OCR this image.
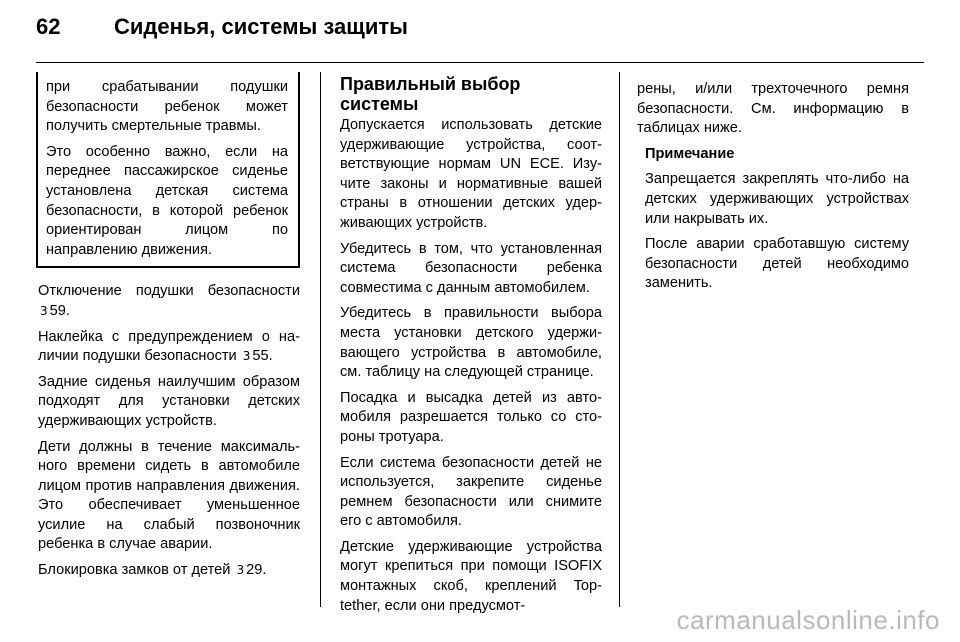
62	Сиденья, системы защиты

при срабатывании подушки безопасности ребенок может получить смертельные травмы.

Это особенно важно, если на переднее пассажирское сиденье установлена детская система безопасности, в которой ребенок ориентирован лицом по направлению движения.

Отключение подушки безопасности 3 59.

Наклейка с предупреждением о наличии подушки безопасности 3 55.

Задние сиденья наилучшим образом подходят для установки детских удерживающих устройств.

Дети должны в течение максимального времени сидеть в автомобиле лицом против направления движения. Это обеспечивает уменьшенное усилие на слабый позвоночник ребенка в случае аварии.

Блокировка замков от детей 3 29.

Правильный выбор системы

Допускается использовать детские удерживающие устройства, соответствующие нормам UN ECE. Изучите законы и нормативные вашей страны в отношении детских удерживающих устройств.

Убедитесь в том, что установленная система безопасности ребенка совместима с данным автомобилем.

Убедитесь в правильности выбора места установки детского удерживающего устройства в автомобиле, см. таблицу на следующей странице.

Посадка и высадка детей из автомобиля разрешается только со стороны тротуара.

Если система безопасности детей не используется, закрепите сиденье ремнем безопасности или снимите его с автомобиля.

Детские удерживающие устройства могут крепиться при помощи ISOFIX монтажных скоб, креплений Top-tether, если они предусмот-

рены, и/или трехточечного ремня безопасности. См. информацию в таблицах ниже.

Примечание

Запрещается закреплять что-либо на детских удерживающих устройствах или накрывать их.

После аварии сработавшую систему безопасности детей необходимо заменить.

carmanualsonline.info
